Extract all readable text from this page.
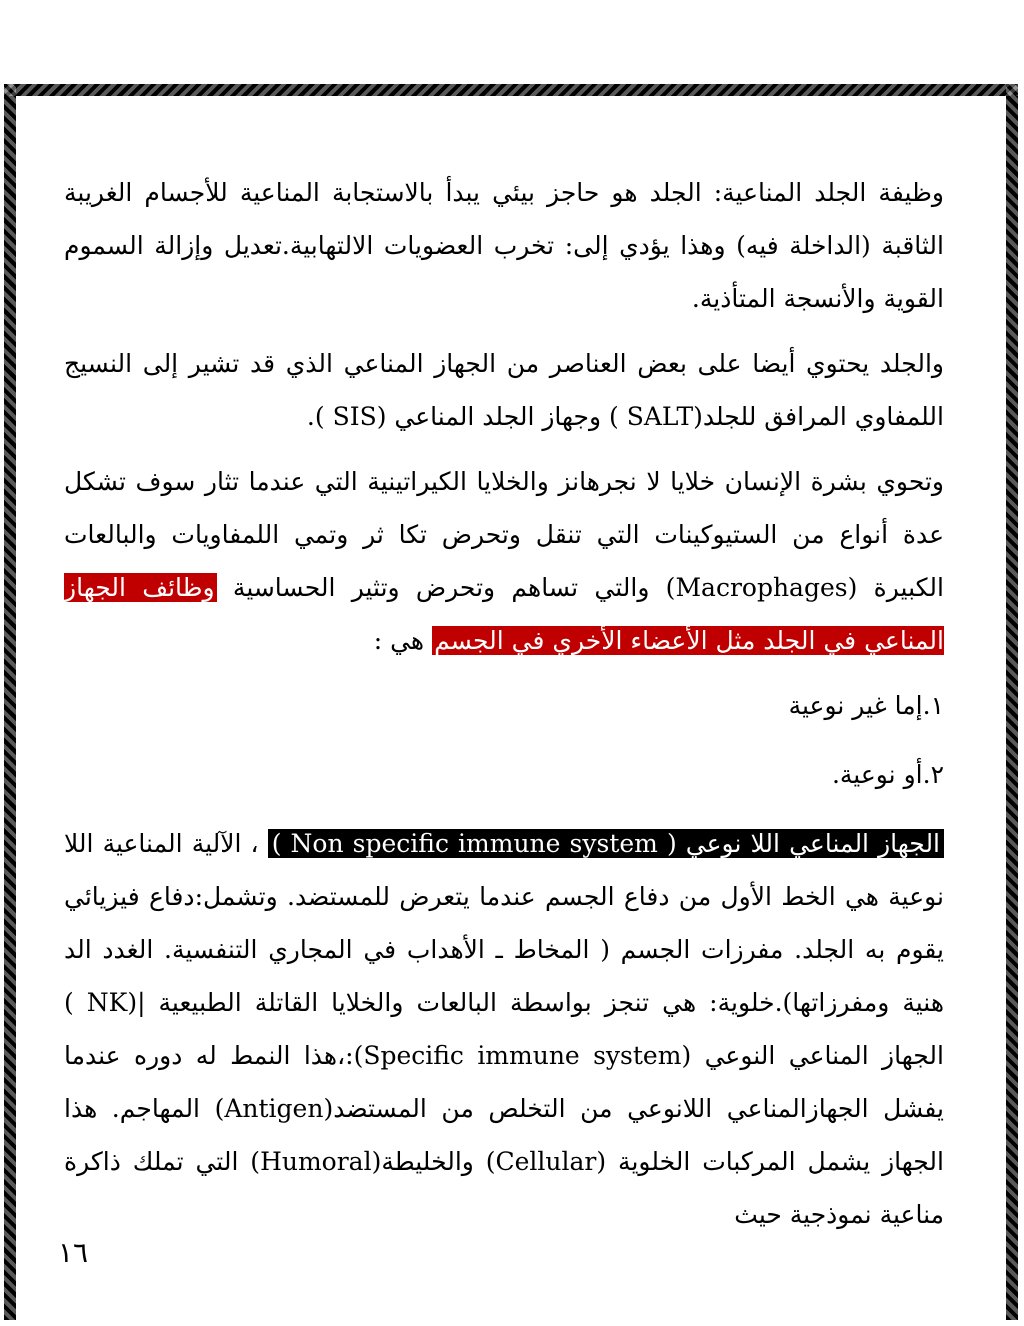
وظيفة الجلد المناعية: الجلد هو حاجز بيئي يبدأ بالاستجابة المناعية للأجسام الغريبة الثاقبة (الداخلة فيه) وهذا يؤدي إلى: تخرب العضويات الالتهابية.تعديل وإزالة السموم القوية والأنسجة المتأذية.

والجلد يحتوي أيضا على بعض العناصر من الجهاز المناعي الذي قد تشير إلى النسيج اللمفاوي المرافق للجلد(SALT ) وجهاز الجلد المناعي (SIS ).

وتحوي بشرة الإنسان خلايا لا نجرهانز والخلايا الكيراتينية التي عندما تثار سوف تشكل عدة أنواع من الستيوكينات التي تنقل وتحرض تكا ثر وتمي اللمفاويات والبالعات الكبيرة (Macrophages) والتي تساهم وتحرض وتثير الحساسية وظائف الجهاز المناعي في الجلد مثل الأعضاء الأخري في الجسم هي :

١.إما غير نوعية
٢.أو نوعية.

الجهاز المناعي اللا نوعي ( Non specific immune system ) ، الآلية المناعية اللا نوعية هي الخط الأول من دفاع الجسم عندما يتعرض للمستضد. وتشمل:دفاع فيزيائي يقوم به الجلد. مفرزات الجسم ( المخاط ـ الأهداب في المجاري التنفسية. الغدد الد هنية ومفرزاتها).خلوية: هي تنجز بواسطة البالعات والخلايا القاتلة الطبيعية |(NK ) الجهاز المناعي النوعي (Specific immune system):،هذا النمط له دوره عندما يفشل الجهازالمناعي اللانوعي من التخلص من المستضد(Antigen) المهاجم. هذا الجهاز يشمل المركبات الخلوية (Cellular) والخليطة(Humoral) التي تملك ذاكرة مناعية نموذجية حيث

١٦
